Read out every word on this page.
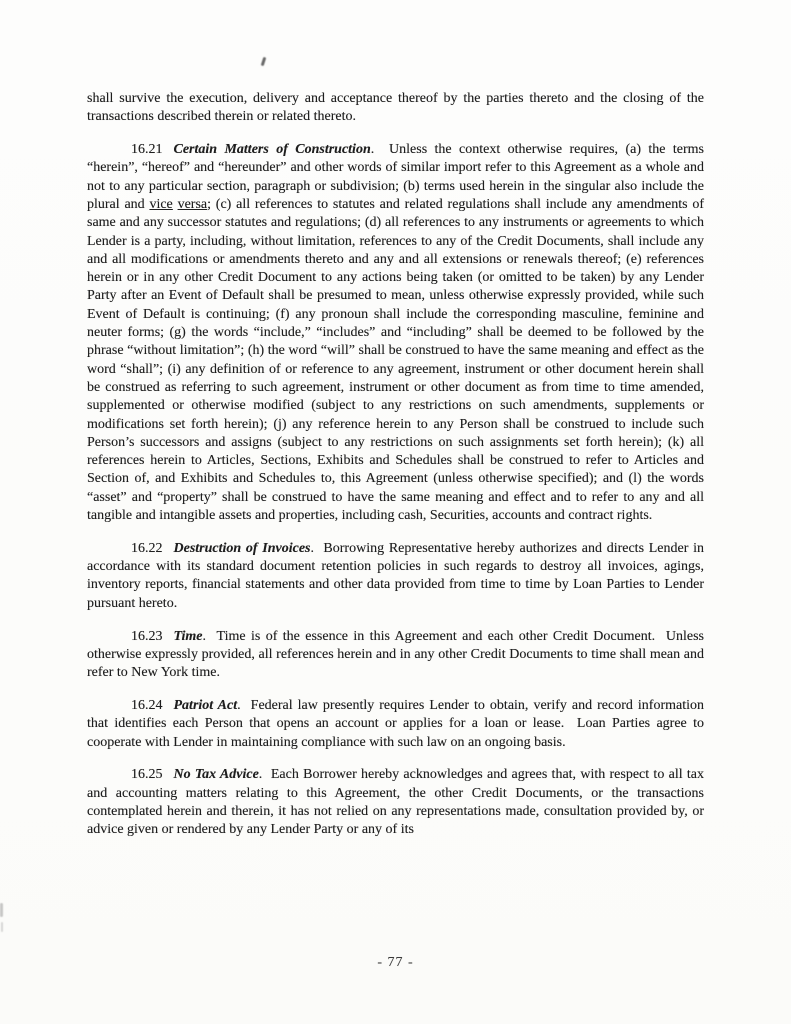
shall survive the execution, delivery and acceptance thereof by the parties thereto and the closing of the transactions described therein or related thereto.

16.21 Certain Matters of Construction.  Unless the context otherwise requires, (a) the terms “herein”, “hereof” and “hereunder” and other words of similar import refer to this Agreement as a whole and not to any particular section, paragraph or subdivision; (b) terms used herein in the singular also include the plural and vice versa; (c) all references to statutes and related regulations shall include any amendments of same and any successor statutes and regulations; (d) all references to any instruments or agreements to which Lender is a party, including, without limitation, references to any of the Credit Documents, shall include any and all modifications or amendments thereto and any and all extensions or renewals thereof; (e) references herein or in any other Credit Document to any actions being taken (or omitted to be taken) by any Lender Party after an Event of Default shall be presumed to mean, unless otherwise expressly provided, while such Event of Default is continuing; (f) any pronoun shall include the corresponding masculine, feminine and neuter forms; (g) the words “include,” “includes” and “including” shall be deemed to be followed by the phrase “without limitation”; (h) the word “will” shall be construed to have the same meaning and effect as the word “shall”; (i) any definition of or reference to any agreement, instrument or other document herein shall be construed as referring to such agreement, instrument or other document as from time to time amended, supplemented or otherwise modified (subject to any restrictions on such amendments, supplements or modifications set forth herein); (j) any reference herein to any Person shall be construed to include such Person’s successors and assigns (subject to any restrictions on such assignments set forth herein); (k) all references herein to Articles, Sections, Exhibits and Schedules shall be construed to refer to Articles and Section of, and Exhibits and Schedules to, this Agreement (unless otherwise specified); and (l) the words “asset” and “property” shall be construed to have the same meaning and effect and to refer to any and all tangible and intangible assets and properties, including cash, Securities, accounts and contract rights.

16.22 Destruction of Invoices.  Borrowing Representative hereby authorizes and directs Lender in accordance with its standard document retention policies in such regards to destroy all invoices, agings, inventory reports, financial statements and other data provided from time to time by Loan Parties to Lender pursuant hereto.

16.23 Time.  Time is of the essence in this Agreement and each other Credit Document.  Unless otherwise expressly provided, all references herein and in any other Credit Documents to time shall mean and refer to New York time.

16.24 Patriot Act.  Federal law presently requires Lender to obtain, verify and record information that identifies each Person that opens an account or applies for a loan or lease.  Loan Parties agree to cooperate with Lender in maintaining compliance with such law on an ongoing basis.

16.25 No Tax Advice.  Each Borrower hereby acknowledges and agrees that, with respect to all tax and accounting matters relating to this Agreement, the other Credit Documents, or the transactions contemplated herein and therein, it has not relied on any representations made, consultation provided by, or advice given or rendered by any Lender Party or any of its

- 77 -
